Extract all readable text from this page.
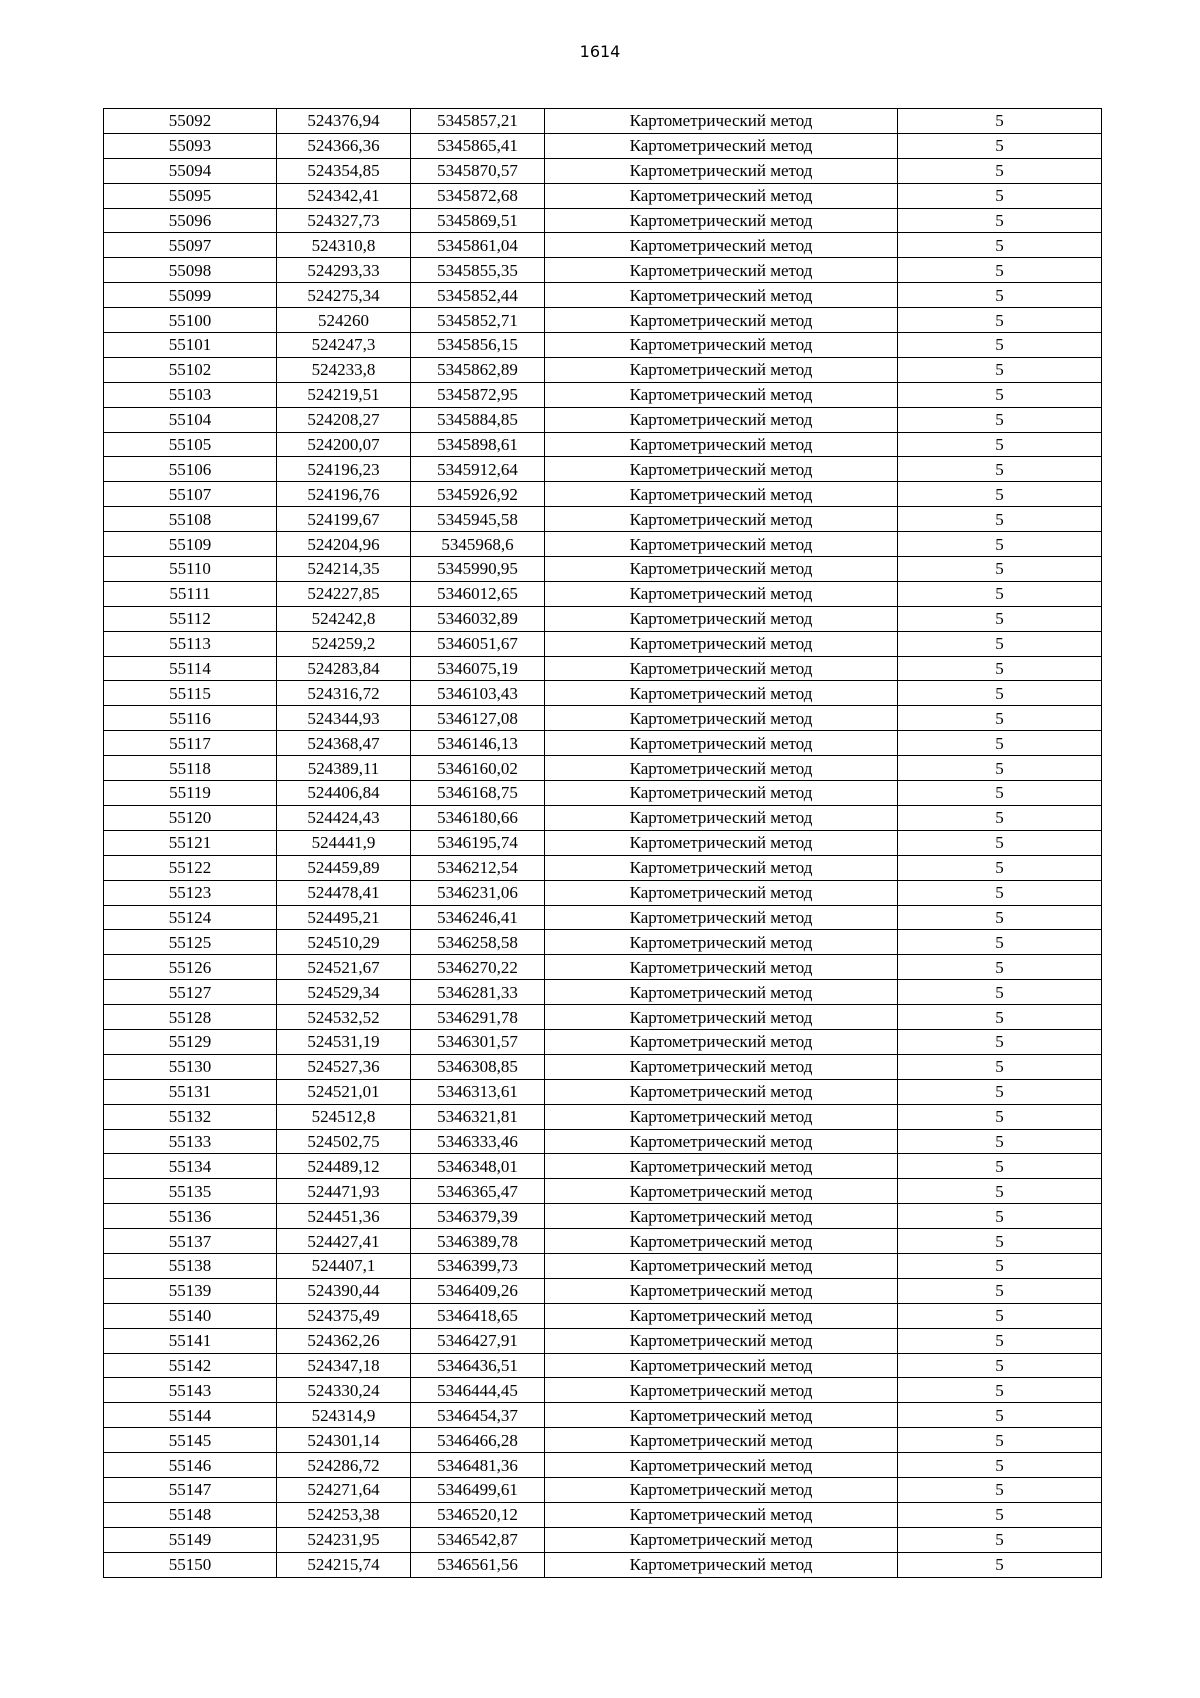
1614
55092	524376,94	5345857,21	Картометрический метод	5
55093	524366,36	5345865,41	Картометрический метод	5
55094	524354,85	5345870,57	Картометрический метод	5
55095	524342,41	5345872,68	Картометрический метод	5
55096	524327,73	5345869,51	Картометрический метод	5
55097	524310,8	5345861,04	Картометрический метод	5
55098	524293,33	5345855,35	Картометрический метод	5
55099	524275,34	5345852,44	Картометрический метод	5
55100	524260	5345852,71	Картометрический метод	5
55101	524247,3	5345856,15	Картометрический метод	5
55102	524233,8	5345862,89	Картометрический метод	5
55103	524219,51	5345872,95	Картометрический метод	5
55104	524208,27	5345884,85	Картометрический метод	5
55105	524200,07	5345898,61	Картометрический метод	5
55106	524196,23	5345912,64	Картометрический метод	5
55107	524196,76	5345926,92	Картометрический метод	5
55108	524199,67	5345945,58	Картометрический метод	5
55109	524204,96	5345968,6	Картометрический метод	5
55110	524214,35	5345990,95	Картометрический метод	5
55111	524227,85	5346012,65	Картометрический метод	5
55112	524242,8	5346032,89	Картометрический метод	5
55113	524259,2	5346051,67	Картометрический метод	5
55114	524283,84	5346075,19	Картометрический метод	5
55115	524316,72	5346103,43	Картометрический метод	5
55116	524344,93	5346127,08	Картометрический метод	5
55117	524368,47	5346146,13	Картометрический метод	5
55118	524389,11	5346160,02	Картометрический метод	5
55119	524406,84	5346168,75	Картометрический метод	5
55120	524424,43	5346180,66	Картометрический метод	5
55121	524441,9	5346195,74	Картометрический метод	5
55122	524459,89	5346212,54	Картометрический метод	5
55123	524478,41	5346231,06	Картометрический метод	5
55124	524495,21	5346246,41	Картометрический метод	5
55125	524510,29	5346258,58	Картометрический метод	5
55126	524521,67	5346270,22	Картометрический метод	5
55127	524529,34	5346281,33	Картометрический метод	5
55128	524532,52	5346291,78	Картометрический метод	5
55129	524531,19	5346301,57	Картометрический метод	5
55130	524527,36	5346308,85	Картометрический метод	5
55131	524521,01	5346313,61	Картометрический метод	5
55132	524512,8	5346321,81	Картометрический метод	5
55133	524502,75	5346333,46	Картометрический метод	5
55134	524489,12	5346348,01	Картометрический метод	5
55135	524471,93	5346365,47	Картометрический метод	5
55136	524451,36	5346379,39	Картометрический метод	5
55137	524427,41	5346389,78	Картометрический метод	5
55138	524407,1	5346399,73	Картометрический метод	5
55139	524390,44	5346409,26	Картометрический метод	5
55140	524375,49	5346418,65	Картометрический метод	5
55141	524362,26	5346427,91	Картометрический метод	5
55142	524347,18	5346436,51	Картометрический метод	5
55143	524330,24	5346444,45	Картометрический метод	5
55144	524314,9	5346454,37	Картометрический метод	5
55145	524301,14	5346466,28	Картометрический метод	5
55146	524286,72	5346481,36	Картометрический метод	5
55147	524271,64	5346499,61	Картометрический метод	5
55148	524253,38	5346520,12	Картометрический метод	5
55149	524231,95	5346542,87	Картометрический метод	5
55150	524215,74	5346561,56	Картометрический метод	5
